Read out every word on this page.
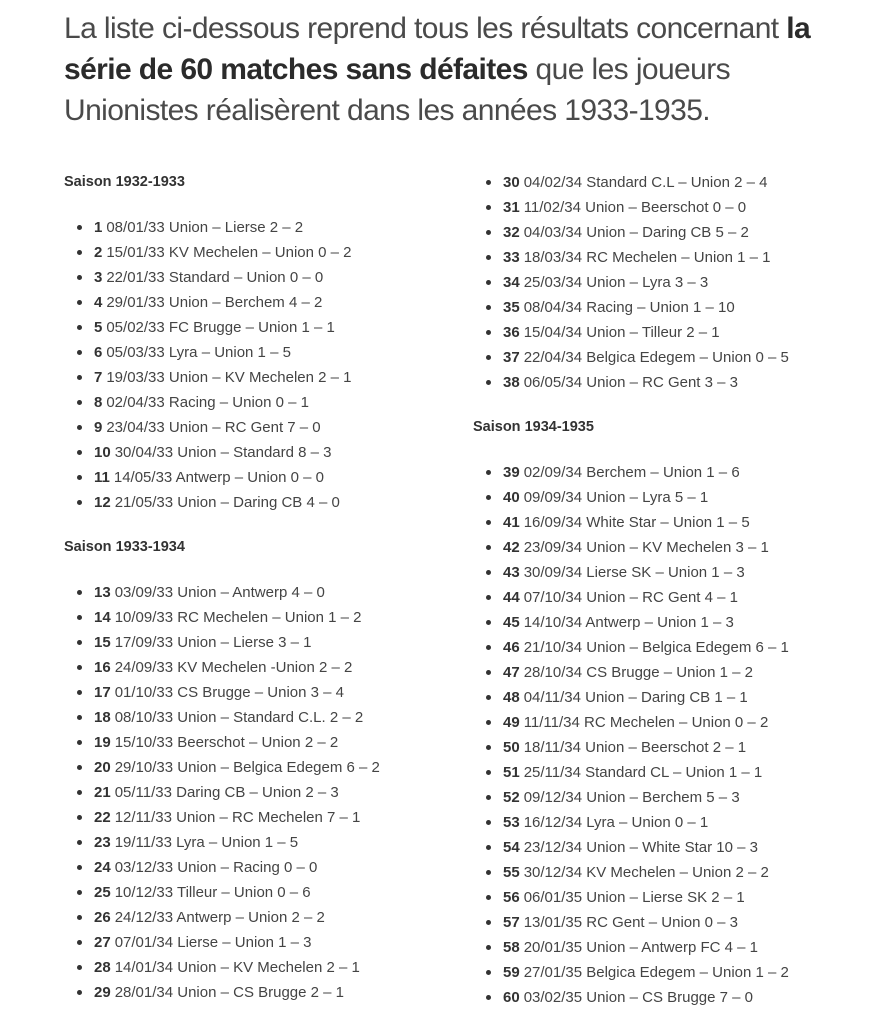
La liste ci-dessous reprend tous les résultats concernant la série de 60 matches sans défaites que les joueurs Unionistes réalisèrent dans les années 1933-1935.

Saison 1932-1933

1 08/01/33 Union – Lierse 2 – 2
2 15/01/33 KV Mechelen – Union 0 – 2
3 22/01/33 Standard – Union 0 – 0
4 29/01/33 Union – Berchem 4 – 2
5 05/02/33 FC Brugge – Union 1 – 1
6 05/03/33 Lyra – Union 1 – 5
7 19/03/33 Union – KV Mechelen 2 – 1
8 02/04/33 Racing – Union 0 – 1
9 23/04/33 Union – RC Gent 7 – 0
10 30/04/33 Union – Standard 8 – 3
11 14/05/33 Antwerp – Union 0 – 0
12 21/05/33 Union – Daring CB 4 – 0

Saison 1933-1934

13 03/09/33 Union – Antwerp 4 – 0
14 10/09/33 RC Mechelen – Union 1 – 2
15 17/09/33 Union – Lierse 3 – 1
16 24/09/33 KV Mechelen -Union 2 – 2
17 01/10/33 CS Brugge – Union 3 – 4
18 08/10/33 Union – Standard C.L. 2 – 2
19 15/10/33 Beerschot – Union 2 – 2
20 29/10/33 Union – Belgica Edegem 6 – 2
21 05/11/33 Daring CB – Union 2 – 3
22 12/11/33 Union – RC Mechelen 7 – 1
23 19/11/33 Lyra – Union 1 – 5
24 03/12/33 Union – Racing 0 – 0
25 10/12/33 Tilleur – Union 0 – 6
26 24/12/33 Antwerp – Union 2 – 2
27 07/01/34 Lierse – Union 1 – 3
28 14/01/34 Union – KV Mechelen 2 – 1
29 28/01/34 Union – CS Brugge 2 – 1
30 04/02/34 Standard C.L – Union 2 – 4
31 11/02/34 Union – Beerschot 0 – 0
32 04/03/34 Union – Daring CB 5 – 2
33 18/03/34 RC Mechelen – Union 1 – 1
34 25/03/34 Union – Lyra 3 – 3
35 08/04/34 Racing – Union 1 – 10
36 15/04/34 Union – Tilleur 2 – 1
37 22/04/34 Belgica Edegem – Union 0 – 5
38 06/05/34 Union – RC Gent 3 – 3

Saison 1934-1935

39 02/09/34 Berchem – Union 1 – 6
40 09/09/34 Union – Lyra 5 – 1
41 16/09/34 White Star – Union 1 – 5
42 23/09/34 Union – KV Mechelen 3 – 1
43 30/09/34 Lierse SK – Union 1 – 3
44 07/10/34 Union – RC Gent 4 – 1
45 14/10/34 Antwerp – Union 1 – 3
46 21/10/34 Union – Belgica Edegem 6 – 1
47 28/10/34 CS Brugge – Union 1 – 2
48 04/11/34 Union – Daring CB 1 – 1
49 11/11/34 RC Mechelen – Union 0 – 2
50 18/11/34 Union – Beerschot 2 – 1
51 25/11/34 Standard CL – Union 1 – 1
52 09/12/34 Union – Berchem 5 – 3
53 16/12/34 Lyra – Union 0 – 1
54 23/12/34 Union – White Star 10 – 3
55 30/12/34 KV Mechelen – Union 2 – 2
56 06/01/35 Union – Lierse SK 2 – 1
57 13/01/35 RC Gent – Union 0 – 3
58 20/01/35 Union – Antwerp FC 4 – 1
59 27/01/35 Belgica Edegem – Union 1 – 2
60 03/02/35 Union – CS Brugge 7 – 0
